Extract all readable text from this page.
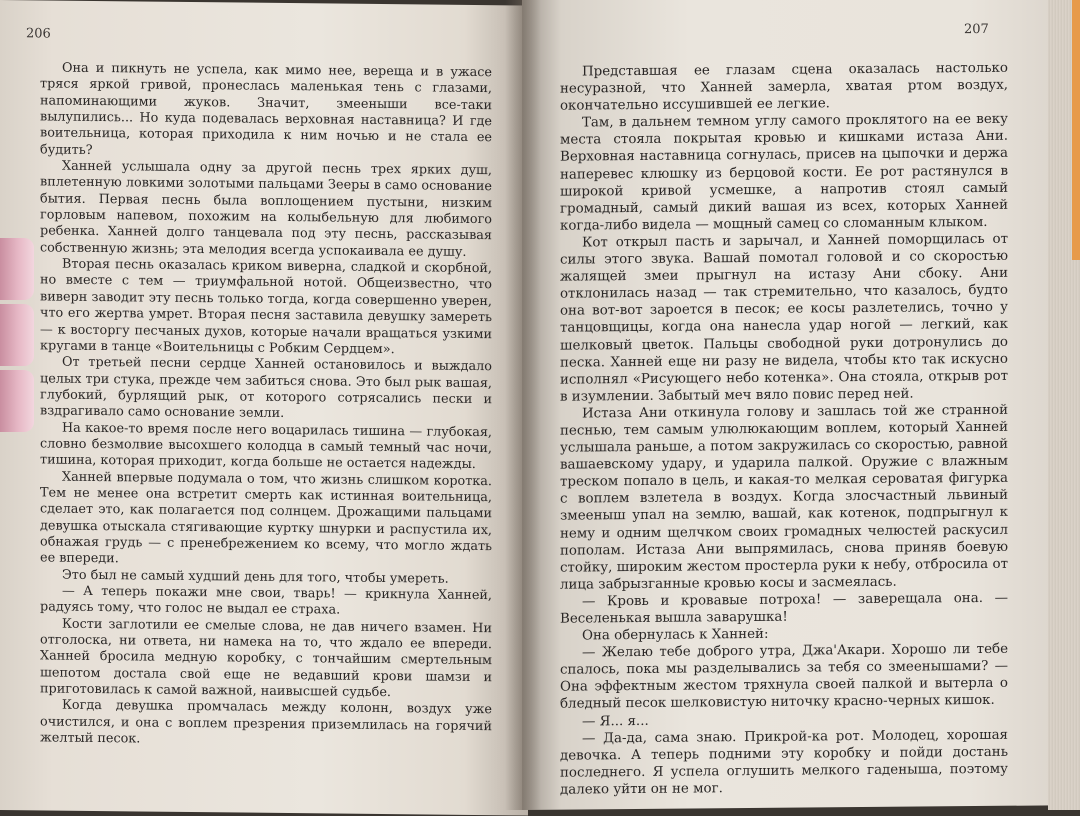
206

Она и пикнуть не успела, как мимо нее, вереща и в ужасе тряся яркой гривой, пронеслась маленькая тень с глазами, напоминающими жуков. Значит, змееныши все-таки вылупились... Но куда подевалась верховная наставница? И где воительница, которая приходила к ним ночью и не стала ее будить?

Ханней услышала одну за другой песнь трех ярких душ, вплетенную ловкими золотыми пальцами Зееры в само основание бытия. Первая песнь была воплощением пустыни, низким горловым напевом, похожим на колыбельную для любимого ребенка. Ханней долго танцевала под эту песнь, рассказывая собственную жизнь; эта мелодия всегда успокаивала ее душу.

Вторая песнь оказалась криком виверна, сладкой и скорбной, но вместе с тем — триумфальной нотой. Общеизвестно, что виверн заводит эту песнь только тогда, когда совершенно уверен, что его жертва умрет. Вторая песня заставила девушку замереть — к восторгу песчаных духов, которые начали вращаться узкими кругами в танце «Воительницы с Робким Сердцем».

От третьей песни сердце Ханней остановилось и выждало целых три стука, прежде чем забиться снова. Это был рык вашая, глубокий, бурлящий рык, от которого сотрясались пески и вздрагивало само основание земли.

На какое-то время после него воцарилась тишина — глубокая, словно безмолвие высохшего колодца в самый темный час ночи, тишина, которая приходит, когда больше не остается надежды.

Ханней впервые подумала о том, что жизнь слишком коротка. Тем не менее она встретит смерть как истинная воительница, сделает это, как полагается под солнцем. Дрожащими пальцами девушка отыскала стягивающие куртку шнурки и распустила их, обнажая грудь — с пренебрежением ко всему, что могло ждать ее впереди.

Это был не самый худший день для того, чтобы умереть.

— А теперь покажи мне свои, тварь! — крикнула Ханней, радуясь тому, что голос не выдал ее страха.

Кости заглотили ее смелые слова, не дав ничего взамен. Ни отголоска, ни ответа, ни намека на то, что ждало ее впереди. Ханней бросила медную коробку, с тончайшим смертельным шепотом достала свой еще не ведавший крови шамзи и приготовилась к самой важной, наивысшей судьбе.

Когда девушка промчалась между колонн, воздух уже очистился, и она с воплем презрения приземлилась на горячий желтый песок.

207

Представшая ее глазам сцена оказалась настолько несуразной, что Ханней замерла, хватая ртом воздух, окончательно иссушившей ее легкие.

Там, в дальнем темном углу самого проклятого на ее веку места стояла покрытая кровью и кишками истаза Ани. Верховная наставница согнулась, присев на цыпочки и держа наперевес клюшку из берцовой кости. Ее рот растянулся в широкой кривой усмешке, а напротив стоял самый громадный, самый дикий вашая из всех, которых Ханней когда-либо видела — мощный самец со сломанным клыком.

Кот открыл пасть и зарычал, и Ханней поморщилась от силы этого звука. Вашай помотал головой и со скоростью жалящей змеи прыгнул на истазу Ани сбоку. Ани отклонилась назад — так стремительно, что казалось, будто она вот-вот зароется в песок; ее косы разлетелись, точно у танцовщицы, когда она нанесла удар ногой — легкий, как шелковый цветок. Пальцы свободной руки дотронулись до песка. Ханней еще ни разу не видела, чтобы кто так искусно исполнял «Рисующего небо котенка». Она стояла, открыв рот в изумлении. Забытый меч вяло повис перед ней.

Истаза Ани откинула голову и зашлась той же странной песнью, тем самым улюлюкающим воплем, который Ханней услышала раньше, а потом закружилась со скоростью, равной вашаевскому удару, и ударила палкой. Оружие с влажным треском попало в цель, и какая-то мелкая сероватая фигурка с воплем взлетела в воздух. Когда злосчастный львиный змееныш упал на землю, вашай, как котенок, подпрыгнул к нему и одним щелчком своих громадных челюстей раскусил пополам. Истаза Ани выпрямилась, снова приняв боевую стойку, широким жестом простерла руки к небу, отбросила от лица забрызганные кровью косы и засмеялась.

— Кровь и кровавые потроха! — заверещала она. — Веселенькая вышла заварушка!

Она обернулась к Ханней:

— Желаю тебе доброго утра, Джа'Акари. Хорошо ли тебе спалось, пока мы разделывались за тебя со змеенышами? — Она эффектным жестом тряхнула своей палкой и вытерла о бледный песок шелковистую ниточку красно-черных кишок.

— Я... я...

— Да-да, сама знаю. Прикрой-ка рот. Молодец, хорошая девочка. А теперь подними эту коробку и пойди достань последнего. Я успела оглушить мелкого гаденыша, поэтому далеко уйти он не мог.
